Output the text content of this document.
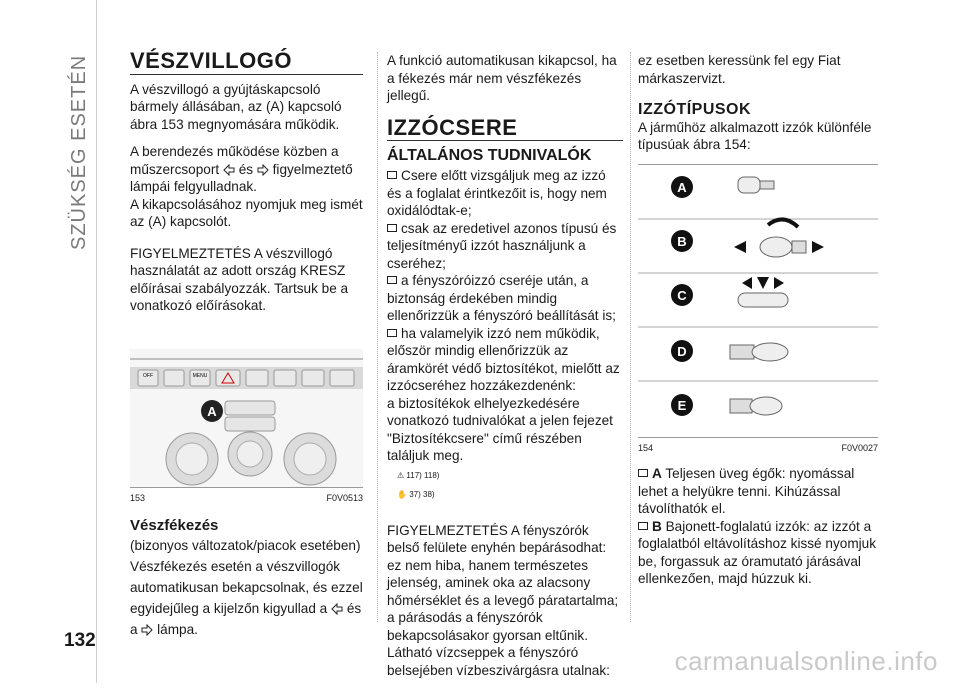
SZÜKSÉG ESETÉN
132
carmanualsonline.info
VÉSZVILLOGÓ

A vészvillogó a gyújtáskapcsoló bármely állásában, az (A) kapcsoló ábra 153 megnyomására működik.

A berendezés működése közben a műszercsoport és figyelmeztető lámpái felgyulladnak.

A kikapcsolásához nyomjuk meg ismét az (A) kapcsolót.

FIGYELMEZTETÉS A vészvillogó használatát az adott ország KRESZ előírásai szabályozzák. Tartsuk be a vonatkozó előírásokat.

OFF	MENU
A
153	F0V0513
Vészfékezés

(bizonyos változatok/piacok esetében)

Vészfékezés esetén a vészvillogók automatikusan bekapcsolnak, és ezzel egyidejűleg a kijelzőn kigyullad a és a lámpa.

A funkció automatikusan kikapcsol, ha a fékezés már nem vészfékezés jellegű.

IZZÓCSERE
ÁLTALÁNOS TUDNIVALÓK
Csere előtt vizsgáljuk meg az izzó és a foglalat érintkezőit is, hogy nem oxidálódtak-e;
csak az eredetivel azonos típusú és teljesítményű izzót használjunk a cseréhez;
a fényszóróizzó cseréje után, a biztonság érdekében mindig ellenőrizzük a fényszóró beállítását is;
ha valamelyik izzó nem működik, először mindig ellenőrizzük az áramkörét védő biztosítékot, mielőtt az izzócseréhez hozzákezdenénk:

a biztosítékok elhelyezkedésére vonatkozó tudnivalókat a jelen fejezet "Biztosítékcsere" című részében találjuk meg.

⚠ 117) 118)
✋ 37) 38)

FIGYELMEZTETÉS A fényszórók belső felülete enyhén bepárásodhat: ez nem hiba, hanem természetes jelenség, aminek oka az alacsony hőmérséklet és a levegő páratartalma; a párásodás a fényszórók bekapcsolásakor gyorsan eltűnik. Látható vízcseppek a fényszóró belsejében vízbeszivárgásra utalnak:

ez esetben keressünk fel egy Fiat márkaszervizt.

IZZÓTÍPUSOK

A járműhöz alkalmazott izzók különféle típusúak ábra 154:

A
B
C
D
E
154	F0V0027
A Teljesen üveg égők: nyomással lehet a helyükre tenni. Kihúzással távolíthatók el.
B Bajonett-foglalatú izzók: az izzót a foglalatból eltávolításhoz kissé nyomjuk be, forgassuk az óramutató járásával ellenkezően, majd húzzuk ki.
